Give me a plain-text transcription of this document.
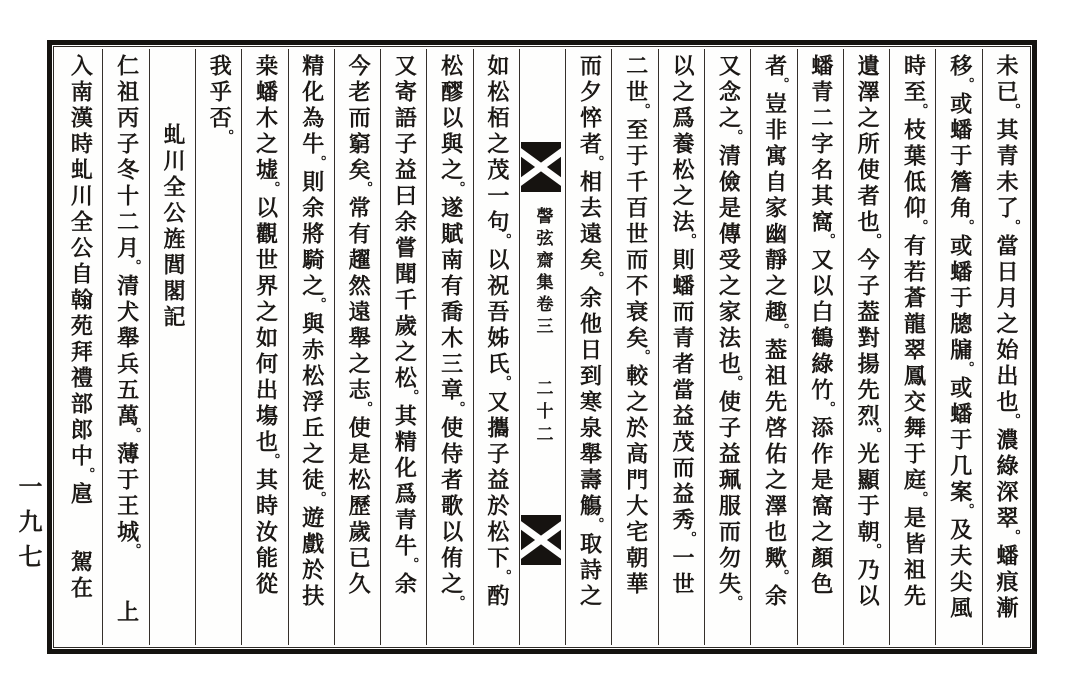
一九七
未已。其青未了。當日月之始出也。濃綠深翠。蟠痕漸
移。或蟠于簷角。或蟠于牕牖。或蟠于几案。及夫尖風
時至。枝葉低仰。有若蒼龍翠鳳交舞于庭。是皆祖先
遺澤之所使者也。今子葢對揚先烈。光顯于朝。乃以
蟠青二字名其窩。又以白鶴綠竹。添作是窩之顏色
者。豈非寓自家幽靜之趣。葢祖先啓佑之澤也歟。余
又念之。清儉是傳受之家法也。使子益珮服而勿失。
以之爲養松之法。則蟠而青者當益茂而益秀。一世
二世。至于千百世而不衰矣。較之於高門大宅朝華
而夕悴者。相去遠矣。余他日到寒泉舉壽觴。取詩之
謦弦齋集卷三
二十二
如松栢之茂一句。以祝吾姊氏。又攜子益於松下。酌
松醪以與之。遂賦南有喬木三章。使侍者歌以侑之。
又寄語子益曰余嘗聞千歲之松。其精化爲青牛。余
今老而窮矣。常有趯然遠舉之志。使是松歷歲已久
精化為牛。則余將騎之。與赤松浮丘之徒。遊戲於扶
桒蟠木之墟。以觀世界之如何出塲也。其時汝能從
我乎否。
虬川全公旌閭閣記
仁祖丙子冬十二月。清犬舉兵五萬。薄于王城。上
入南漢時虬川全公自翰苑拜禮部郎中。扈駕在
